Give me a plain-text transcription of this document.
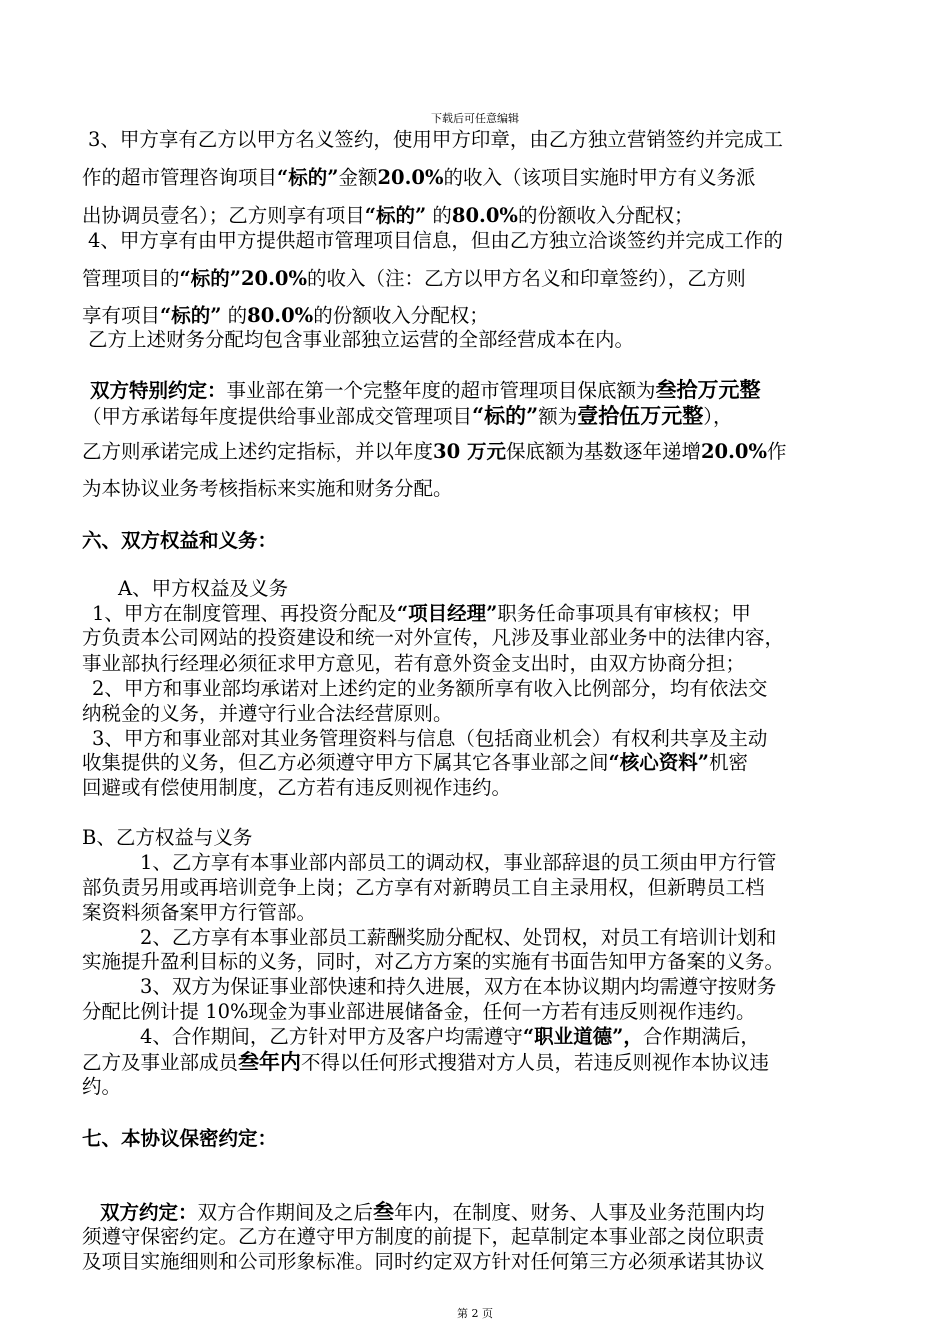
下载后可任意编辑
3、甲方享有乙方以甲方名义签约，使用甲方印章，由乙方独立营销签约并完成工
作的超市管理咨询项目“标的”金额20.0%的收入（该项目实施时甲方有义务派
出协调员壹名）；乙方则享有项目“标的” 的80.0%的份额收入分配权；
4、甲方享有由甲方提供超市管理项目信息，但由乙方独立洽谈签约并完成工作的
管理项目的“标的”20.0%的收入（注：乙方以甲方名义和印章签约），乙方则
享有项目“标的” 的80.0%的份额收入分配权；
乙方上述财务分配均包含事业部独立运营的全部经营成本在内。
双方特别约定：事业部在第一个完整年度的超市管理项目保底额为叁拾万元整
（甲方承诺每年度提供给事业部成交管理项目“标的”额为壹拾伍万元整），
乙方则承诺完成上述约定指标，并以年度30 万元保底额为基数逐年递增20.0%作
为本协议业务考核指标来实施和财务分配。
六、双方权益和义务：
A、甲方权益及义务
1、甲方在制度管理、再投资分配及“项目经理”职务任命事项具有审核权；甲
方负责本公司网站的投资建设和统一对外宣传，凡涉及事业部业务中的法律内容，
事业部执行经理必须征求甲方意见，若有意外资金支出时，由双方协商分担；
2、甲方和事业部均承诺对上述约定的业务额所享有收入比例部分，均有依法交
纳税金的义务，并遵守行业合法经营原则。
3、甲方和事业部对其业务管理资料与信息（包括商业机会）有权利共享及主动
收集提供的义务，但乙方必须遵守甲方下属其它各事业部之间“核心资料”机密
回避或有偿使用制度，乙方若有违反则视作违约。
B、乙方权益与义务
1、乙方享有本事业部内部员工的调动权，事业部辞退的员工须由甲方行管
部负责另用或再培训竞争上岗；乙方享有对新聘员工自主录用权，但新聘员工档
案资料须备案甲方行管部。
2、乙方享有本事业部员工薪酬奖励分配权、处罚权，对员工有培训计划和
实施提升盈利目标的义务，同时，对乙方方案的实施有书面告知甲方备案的义务。
3、双方为保证事业部快速和持久进展，双方在本协议期内均需遵守按财务
分配比例计提 10%现金为事业部进展储备金，任何一方若有违反则视作违约。
4、合作期间，乙方针对甲方及客户均需遵守“职业道德”，合作期满后，
乙方及事业部成员叁年内不得以任何形式搜猎对方人员，若违反则视作本协议违
约。
七、本协议保密约定：
双方约定：双方合作期间及之后叁年内，在制度、财务、人事及业务范围内均
须遵守保密约定。乙方在遵守甲方制度的前提下，起草制定本事业部之岗位职责
及项目实施细则和公司形象标准。同时约定双方针对任何第三方必须承诺其协议
第 2 页
